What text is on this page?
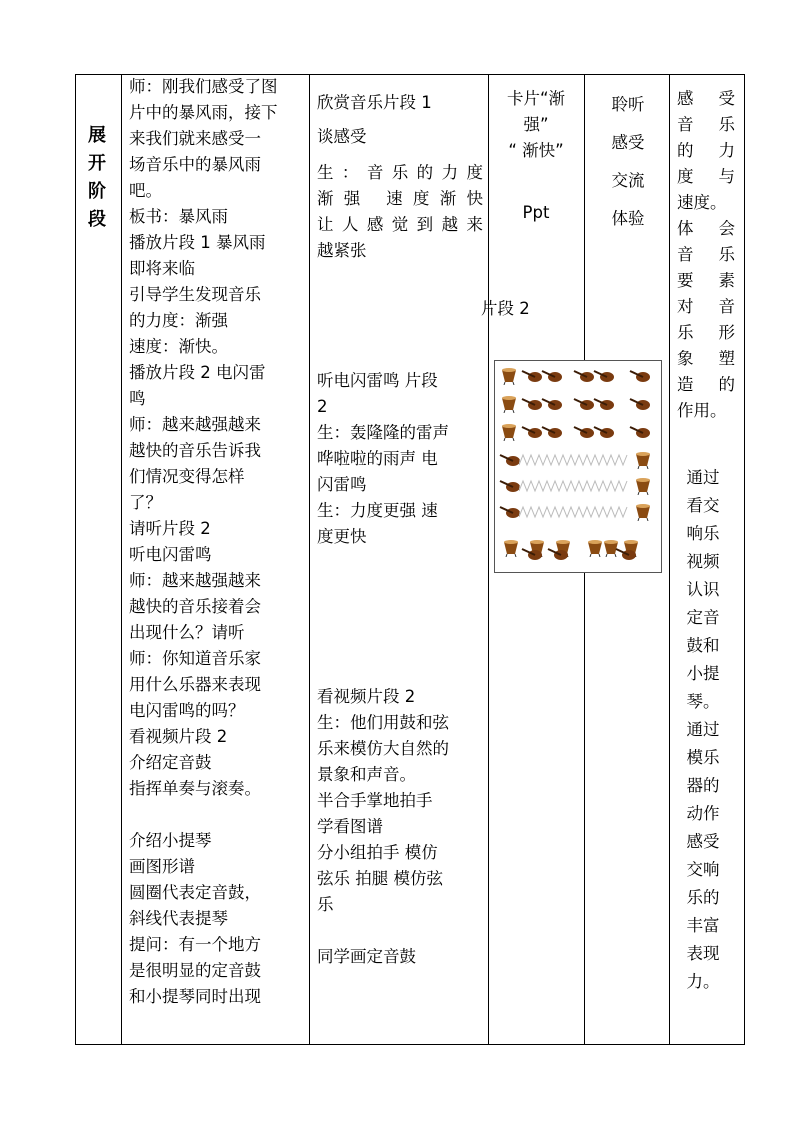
展

开

阶

段

师：刚我们感受了图

片中的暴风雨，接下

来我们就来感受一

场音乐中的暴风雨

吧。

板书：暴风雨

播放片段 1 暴风雨

即将来临

引导学生发现音乐

的力度：渐强

速度：渐快。

播放片段 2 电闪雷

鸣

师：越来越强越来

越快的音乐告诉我

们情况变得怎样

了？

请听片段 2

听电闪雷鸣

师：越来越强越来

越快的音乐接着会

出现什么？请听

师：你知道音乐家

用什么乐器来表现

电闪雷鸣的吗？

看视频片段 2

介绍定音鼓

指挥单奏与滚奏。

介绍小提琴

画图形谱

圆圈代表定音鼓，

斜线代表提琴

提问：有一个地方

是很明显的定音鼓

和小提琴同时出现

欣赏音乐片段 1

谈感受

生：音乐的力度

渐强 速度渐快

让人感觉到越来

越紧张

听电闪雷鸣 片段

2

生：轰隆隆的雷声

哗啦啦的雨声 电

闪雷鸣

生：力度更强 速

度更快

看视频片段 2

生：他们用鼓和弦

乐来模仿大自然的

景象和声音。

半合手掌地拍手

学看图谱

分小组拍手 模仿

弦乐 拍腿 模仿弦

乐

同学画定音鼓

卡片“渐

强”

“ 渐快”

Ppt

片段 2

聆听

感受

交流

体验

感 受

音 乐

的 力

度 与

速度。

体 会

音 乐

要 素

对 音

乐 形

象 塑

造 的

作用。

通过

看交

响乐

视频

认识

定音

鼓和

小提

琴。

通过

模乐

器的

动作

感受

交响

乐的

丰富

表现

力。
